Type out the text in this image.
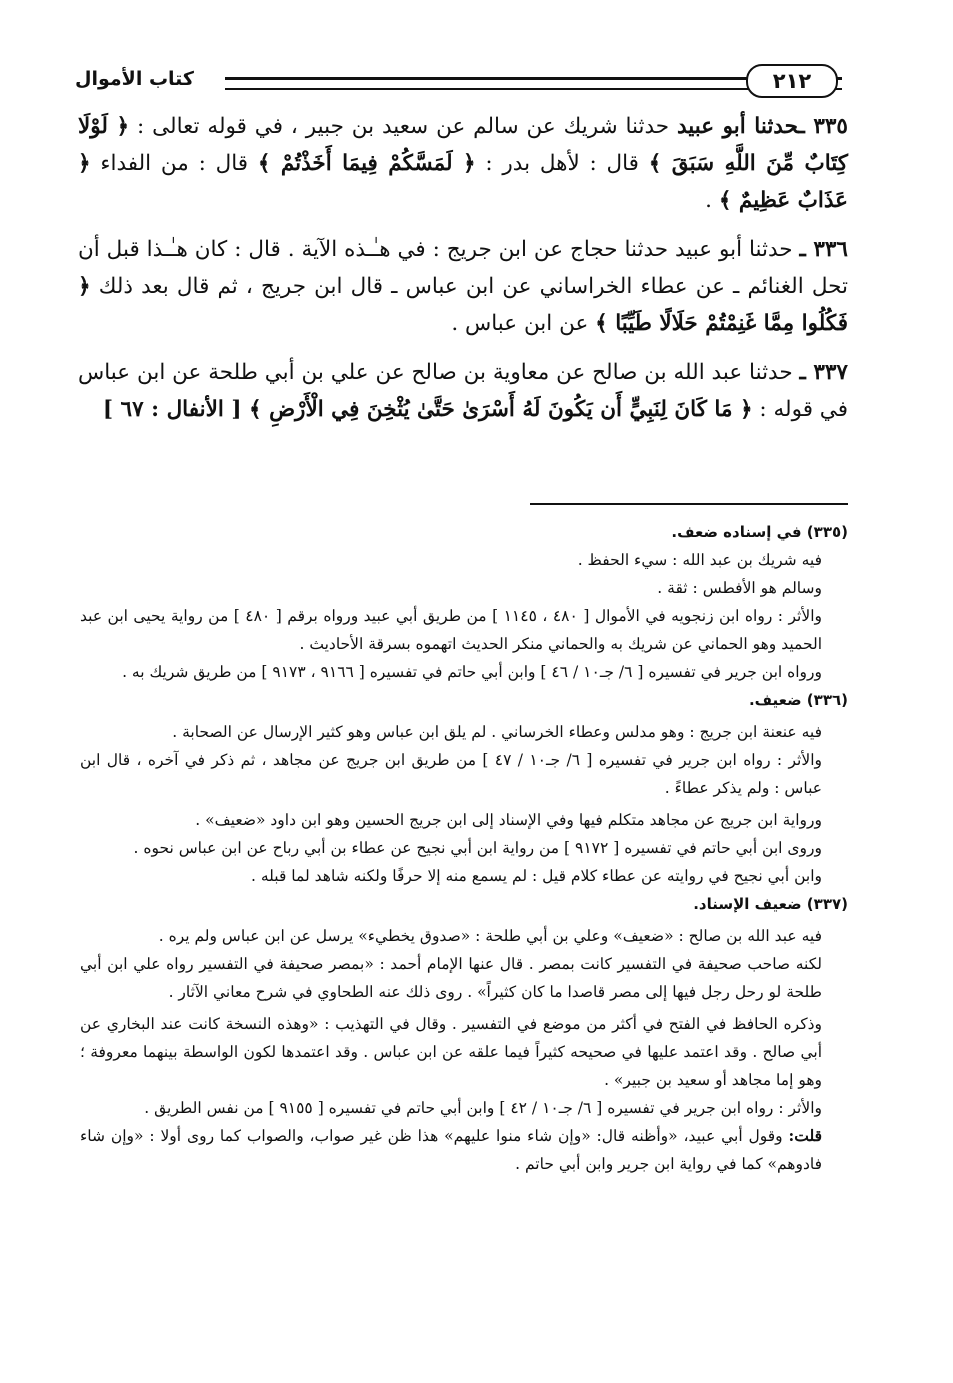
٢١٢
كتاب الأموال

٣٣٥ ـحدثنا أبو عبيد حدثنا شريك عن سالم عن سعيد بن جبير ، في قوله تعالى : ﴿ لَوْلَا كِتَابٌ مِّنَ اللَّهِ سَبَقَ ﴾ قال : لأهل بدر : ﴿ لَمَسَّكُمْ فِيمَا أَخَذْتُمْ ﴾ قال : من الفداء ﴿ عَذَابٌ عَظِيمٌ ﴾ .

٣٣٦ ـ حدثنا أبو عبيد حدثنا حجاج عن ابن جريج : في هـٰـذه الآية . قال : كان هـٰـذا قبل أن تحل الغنائم ـ عن عطاء الخراساني عن ابن عباس ـ قال ابن جريج ، ثم قال بعد ذلك ﴿ فَكُلُوا مِمَّا غَنِمْتُمْ حَلَالًا طَيِّبًا ﴾ عن ابن عباس .

٣٣٧ ـ حدثنا عبد الله بن صالح عن معاوية بن صالح عن علي بن أبي طلحة عن ابن عباس في قوله : ﴿ مَا كَانَ لِنَبِيٍّ أَن يَكُونَ لَهُ أَسْرَىٰ حَتَّىٰ يُثْخِنَ فِي الْأَرْضِ ﴾ [ الأنفال : ٦٧ ]

(٣٣٥) في إسناده ضعف.

فيه شريك بن عبد الله : سيء الحفظ .

وسالم هو الأفطس : ثقة .

والأثر : رواه ابن زنجويه في الأموال [ ٤٨٠ ، ١١٤٥ ] من طريق أبي عبيد ورواه برقم [ ٤٨٠ ] من رواية يحيى ابن عبد الحميد وهو الحماني عن شريك به والحماني منكر الحديث اتهموه بسرقة الأحاديث .

ورواه ابن جرير في تفسيره [ ٦/ جـ١٠ / ٤٦ ] وابن أبي حاتم في تفسيره [ ٩١٦٦ ، ٩١٧٣ ] من طريق شريك به .

(٣٣٦) ضعيف.

فيه عنعنة ابن جريج : وهو مدلس وعطاء الخرساني . لم يلق ابن عباس وهو كثير الإرسال عن الصحابة .

والأثر : رواه ابن جرير في تفسيره [ ٦/ جـ١٠ / ٤٧ ] من طريق ابن جريج عن مجاهد ، ثم ذكر في آخره ، قال ابن عباس : ولم يذكر عطاءً .

ورواية ابن جريج عن مجاهد متكلم فيها وفي الإسناد إلى ابن جريج الحسين وهو ابن داود «ضعيف» .

وروى ابن أبي حاتم في تفسيره [ ٩١٧٢ ] من رواية ابن أبي نجيح عن عطاء بن أبي رباح عن ابن عباس نحوه .

وابن أبي نجيح في روايته عن عطاء كلام قيل : لم يسمع منه إلا حرفًا ولكنه شاهد لما قبله .

(٣٣٧) ضعيف الإسناد.

فيه عبد الله بن صالح : «ضعيف» وعلي بن أبي طلحة : «صدوق يخطيء» يرسل عن ابن عباس ولم يره .

لكنه صاحب صحيفة في التفسير كانت بمصر . قال عنها الإمام أحمد : «بمصر صحيفة في التفسير رواه علي ابن أبي طلحة لو رحل رجل فيها إلى مصر قاصدا ما كان كثيراً» . روى ذلك عنه الطحاوي في شرح معاني الآثار .

وذكره الحافظ في الفتح في أكثر من موضع في التفسير . وقال في التهذيب : «وهذه النسخة كانت عند البخاري عن أبي صالح . وقد اعتمد عليها في صحيحه كثيراً فيما علقه عن ابن عباس . وقد اعتمدها لكون الواسطة بينهما معروفة ؛ وهو إما مجاهد أو سعيد بن جبير» .

والأثر : رواه ابن جرير في تفسيره [ ٦/ جـ١٠ / ٤٢ ] وابن أبي حاتم في تفسيره [ ٩١٥٥ ] من نفس الطريق .

قلت: وقول أبي عبيد، «وأظنه قال: «وإن شاء منوا عليهم» هذا ظن غير صواب، والصواب كما روى أولا : «وإن شاء فادوهم» كما في رواية ابن جرير وابن أبي حاتم .
